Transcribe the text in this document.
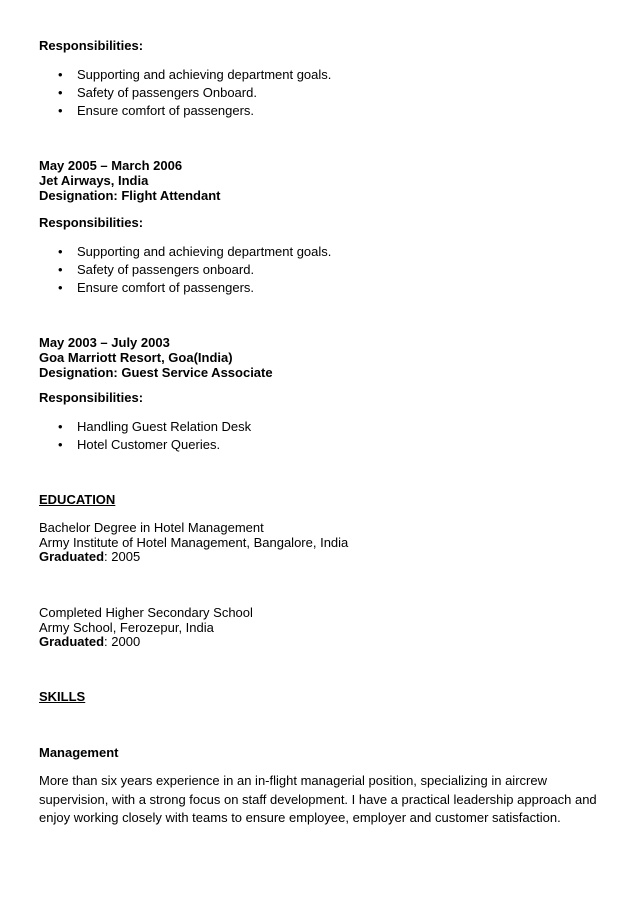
Responsibilities:
• Supporting and achieving department goals.
• Safety of passengers Onboard.
• Ensure comfort of passengers.
May 2005 – March 2006
Jet Airways, India
Designation: Flight Attendant
Responsibilities:
• Supporting and achieving department goals.
• Safety of passengers onboard.
• Ensure comfort of passengers.
May 2003 – July 2003
Goa Marriott Resort, Goa(India)
Designation: Guest Service Associate
Responsibilities:
• Handling Guest Relation Desk
• Hotel Customer Queries.
EDUCATION
Bachelor Degree in Hotel Management
Army Institute of Hotel Management, Bangalore, India
Graduated: 2005
Completed Higher Secondary School
Army School, Ferozepur, India
Graduated: 2000
SKILLS
Management
More than six years experience in an in-flight managerial position, specializing in aircrew
supervision, with a strong focus on staff development. I have a practical leadership approach and
enjoy working closely with teams to ensure employee, employer and customer satisfaction.
